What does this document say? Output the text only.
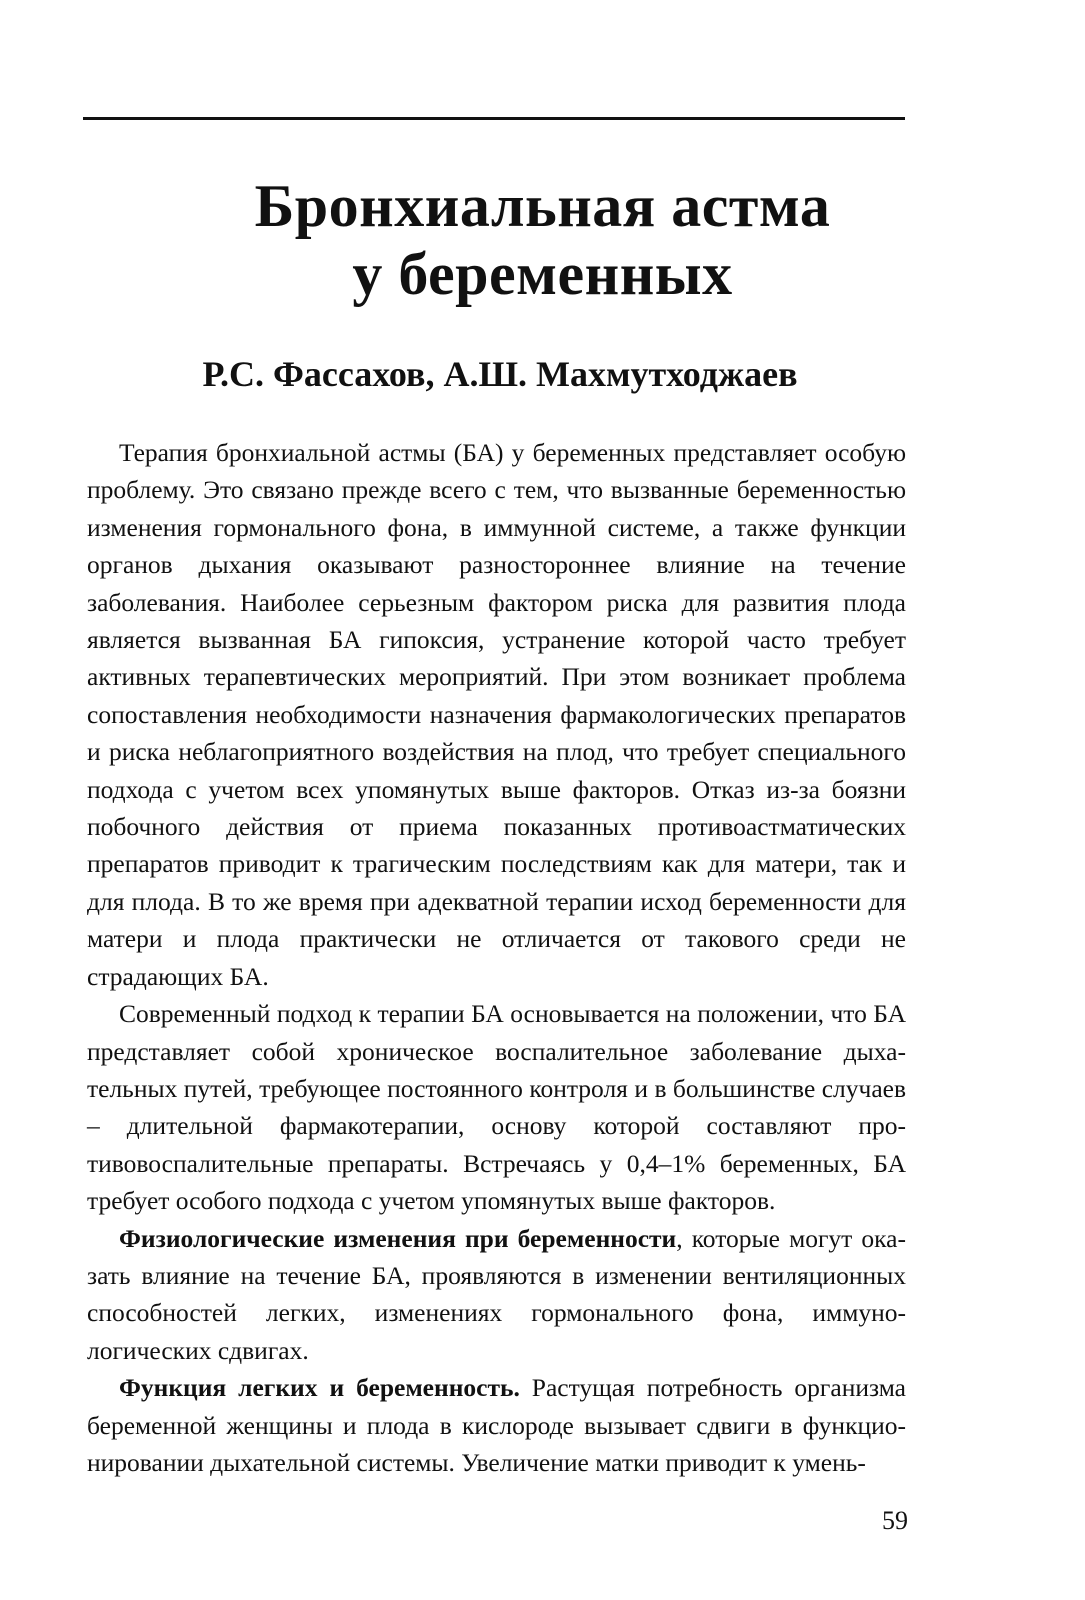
Бронхиальная астма
у беременных

Р.С. Фассахов, А.Ш. Махмутходжаев

Терапия бронхиальной астмы (БА) у беременных представляет особую проблему. Это связано прежде всего с тем, что вызванные беременностью изменения гормонального фона, в иммунной системе, а также функции органов дыхания оказывают разностороннее влияние на течение заболевания. Наиболее серьезным фактором риска для развития плода является вызванная БА гипоксия, устранение которой часто требует активных терапевтических мероприятий. При этом возникает проблема сопоставления необходимости назначения фармакологических препаратов и риска неблагоприятного воздействия на плод, что требует специального подхода с учетом всех упомянутых выше факторов. Отказ из-за боязни побочного действия от приема показанных противоастматических препаратов приводит к трагическим последствиям как для матери, так и для плода. В то же время при адекватной терапии исход беременности для матери и плода практически не отличается от такового среди не страдающих БА.

Современный подход к терапии БА основывается на положении, что БА представляет собой хроническое воспалительное заболевание дыхательных путей, требующее постоянного контроля и в большинстве случаев – длительной фармакотерапии, основу которой составляют противовоспалительные препараты. Встречаясь у 0,4–1% беременных, БА требует особого подхода с учетом упомянутых выше факторов.

Физиологические изменения при беременности, которые могут оказать влияние на течение БА, проявляются в изменении вентиляционных способностей легких, изменениях гормонального фона, иммунологических сдвигах.

Функция легких и беременность. Растущая потребность организма беременной женщины и плода в кислороде вызывает сдвиги в функционировании дыхательной системы. Увеличение матки приводит к умень-

59
